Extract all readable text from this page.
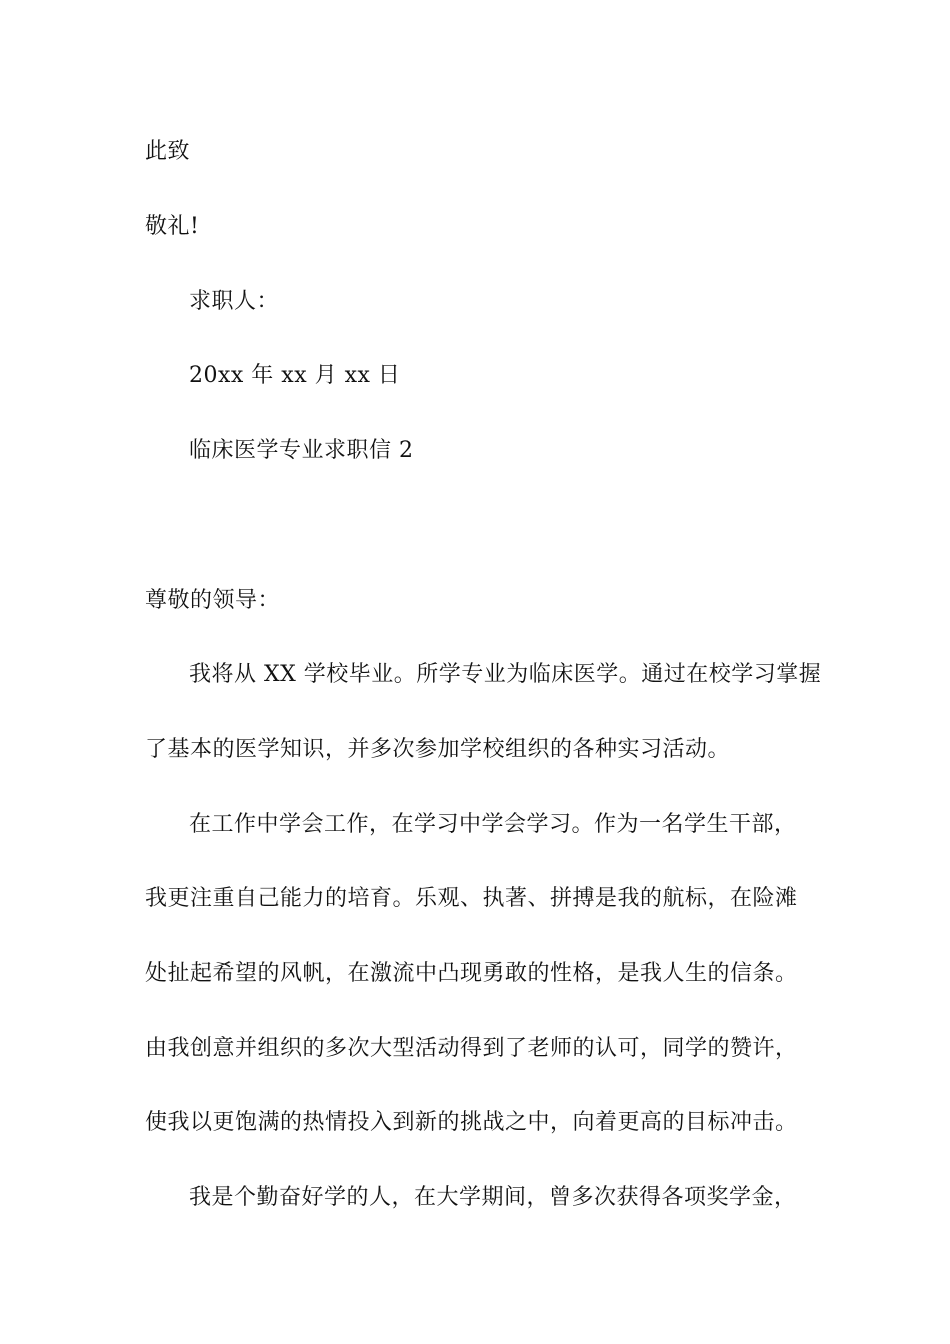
此致
敬礼!
求职人：
20xx 年 xx 月 xx 日
临床医学专业求职信 2
尊敬的领导：
我将从 XX 学校毕业。所学专业为临床医学。通过在校学习掌握
了基本的医学知识，并多次参加学校组织的各种实习活动。
在工作中学会工作，在学习中学会学习。作为一名学生干部，
我更注重自己能力的培育。乐观、执著、拼搏是我的航标，在险滩
处扯起希望的风帆，在激流中凸现勇敢的性格，是我人生的信条。
由我创意并组织的多次大型活动得到了老师的认可，同学的赞许，
使我以更饱满的热情投入到新的挑战之中，向着更高的目标冲击。
我是个勤奋好学的人，在大学期间，曾多次获得各项奖学金，
